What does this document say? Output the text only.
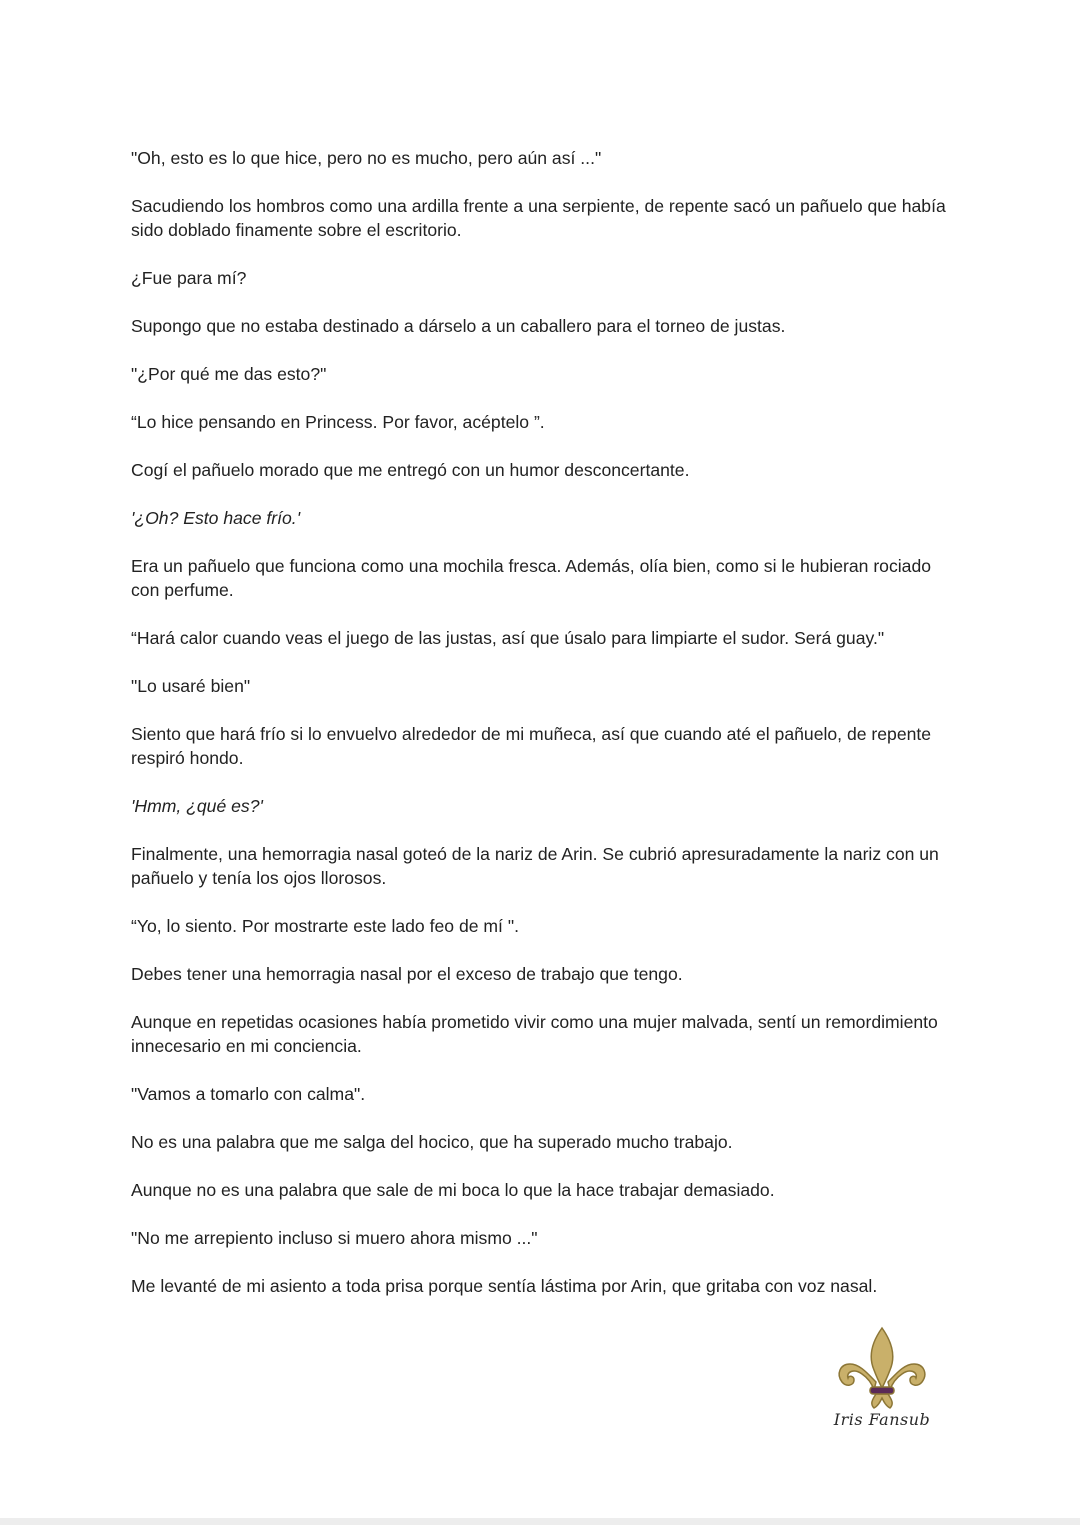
"Oh, esto es lo que hice, pero no es mucho, pero aún así ..."

Sacudiendo los hombros como una ardilla frente a una serpiente, de repente sacó un pañuelo que había sido doblado finamente sobre el escritorio.

¿Fue para mí?

Supongo que no estaba destinado a dárselo a un caballero para el torneo de justas.

"¿Por qué me das esto?"

“Lo hice pensando en Princess. Por favor, acéptelo ”.

Cogí el pañuelo morado que me entregó con un humor desconcertante.

'¿Oh? Esto hace frío.'

Era un pañuelo que funciona como una mochila fresca. Además, olía bien, como si le hubieran rociado con perfume.

“Hará calor cuando veas el juego de las justas, así que úsalo para limpiarte el sudor. Será guay."

"Lo usaré bien"

Siento que hará frío si lo envuelvo alrededor de mi muñeca, así que cuando até el pañuelo, de repente respiró hondo.

'Hmm, ¿qué es?'

Finalmente, una hemorragia nasal goteó de la nariz de Arin. Se cubrió apresuradamente la nariz con un pañuelo y tenía los ojos llorosos.

“Yo, lo siento. Por mostrarte este lado feo de mí ".

Debes tener una hemorragia nasal por el exceso de trabajo que tengo.

Aunque en repetidas ocasiones había prometido vivir como una mujer malvada, sentí un remordimiento innecesario en mi conciencia.

"Vamos a tomarlo con calma".

No es una palabra que me salga del hocico, que ha superado mucho trabajo.

Aunque no es una palabra que sale de mi boca lo que la hace trabajar demasiado.

"No me arrepiento incluso si muero ahora mismo ..."

Me levanté de mi asiento a toda prisa porque sentía lástima por Arin, que gritaba con voz nasal.

Iris Fansub
